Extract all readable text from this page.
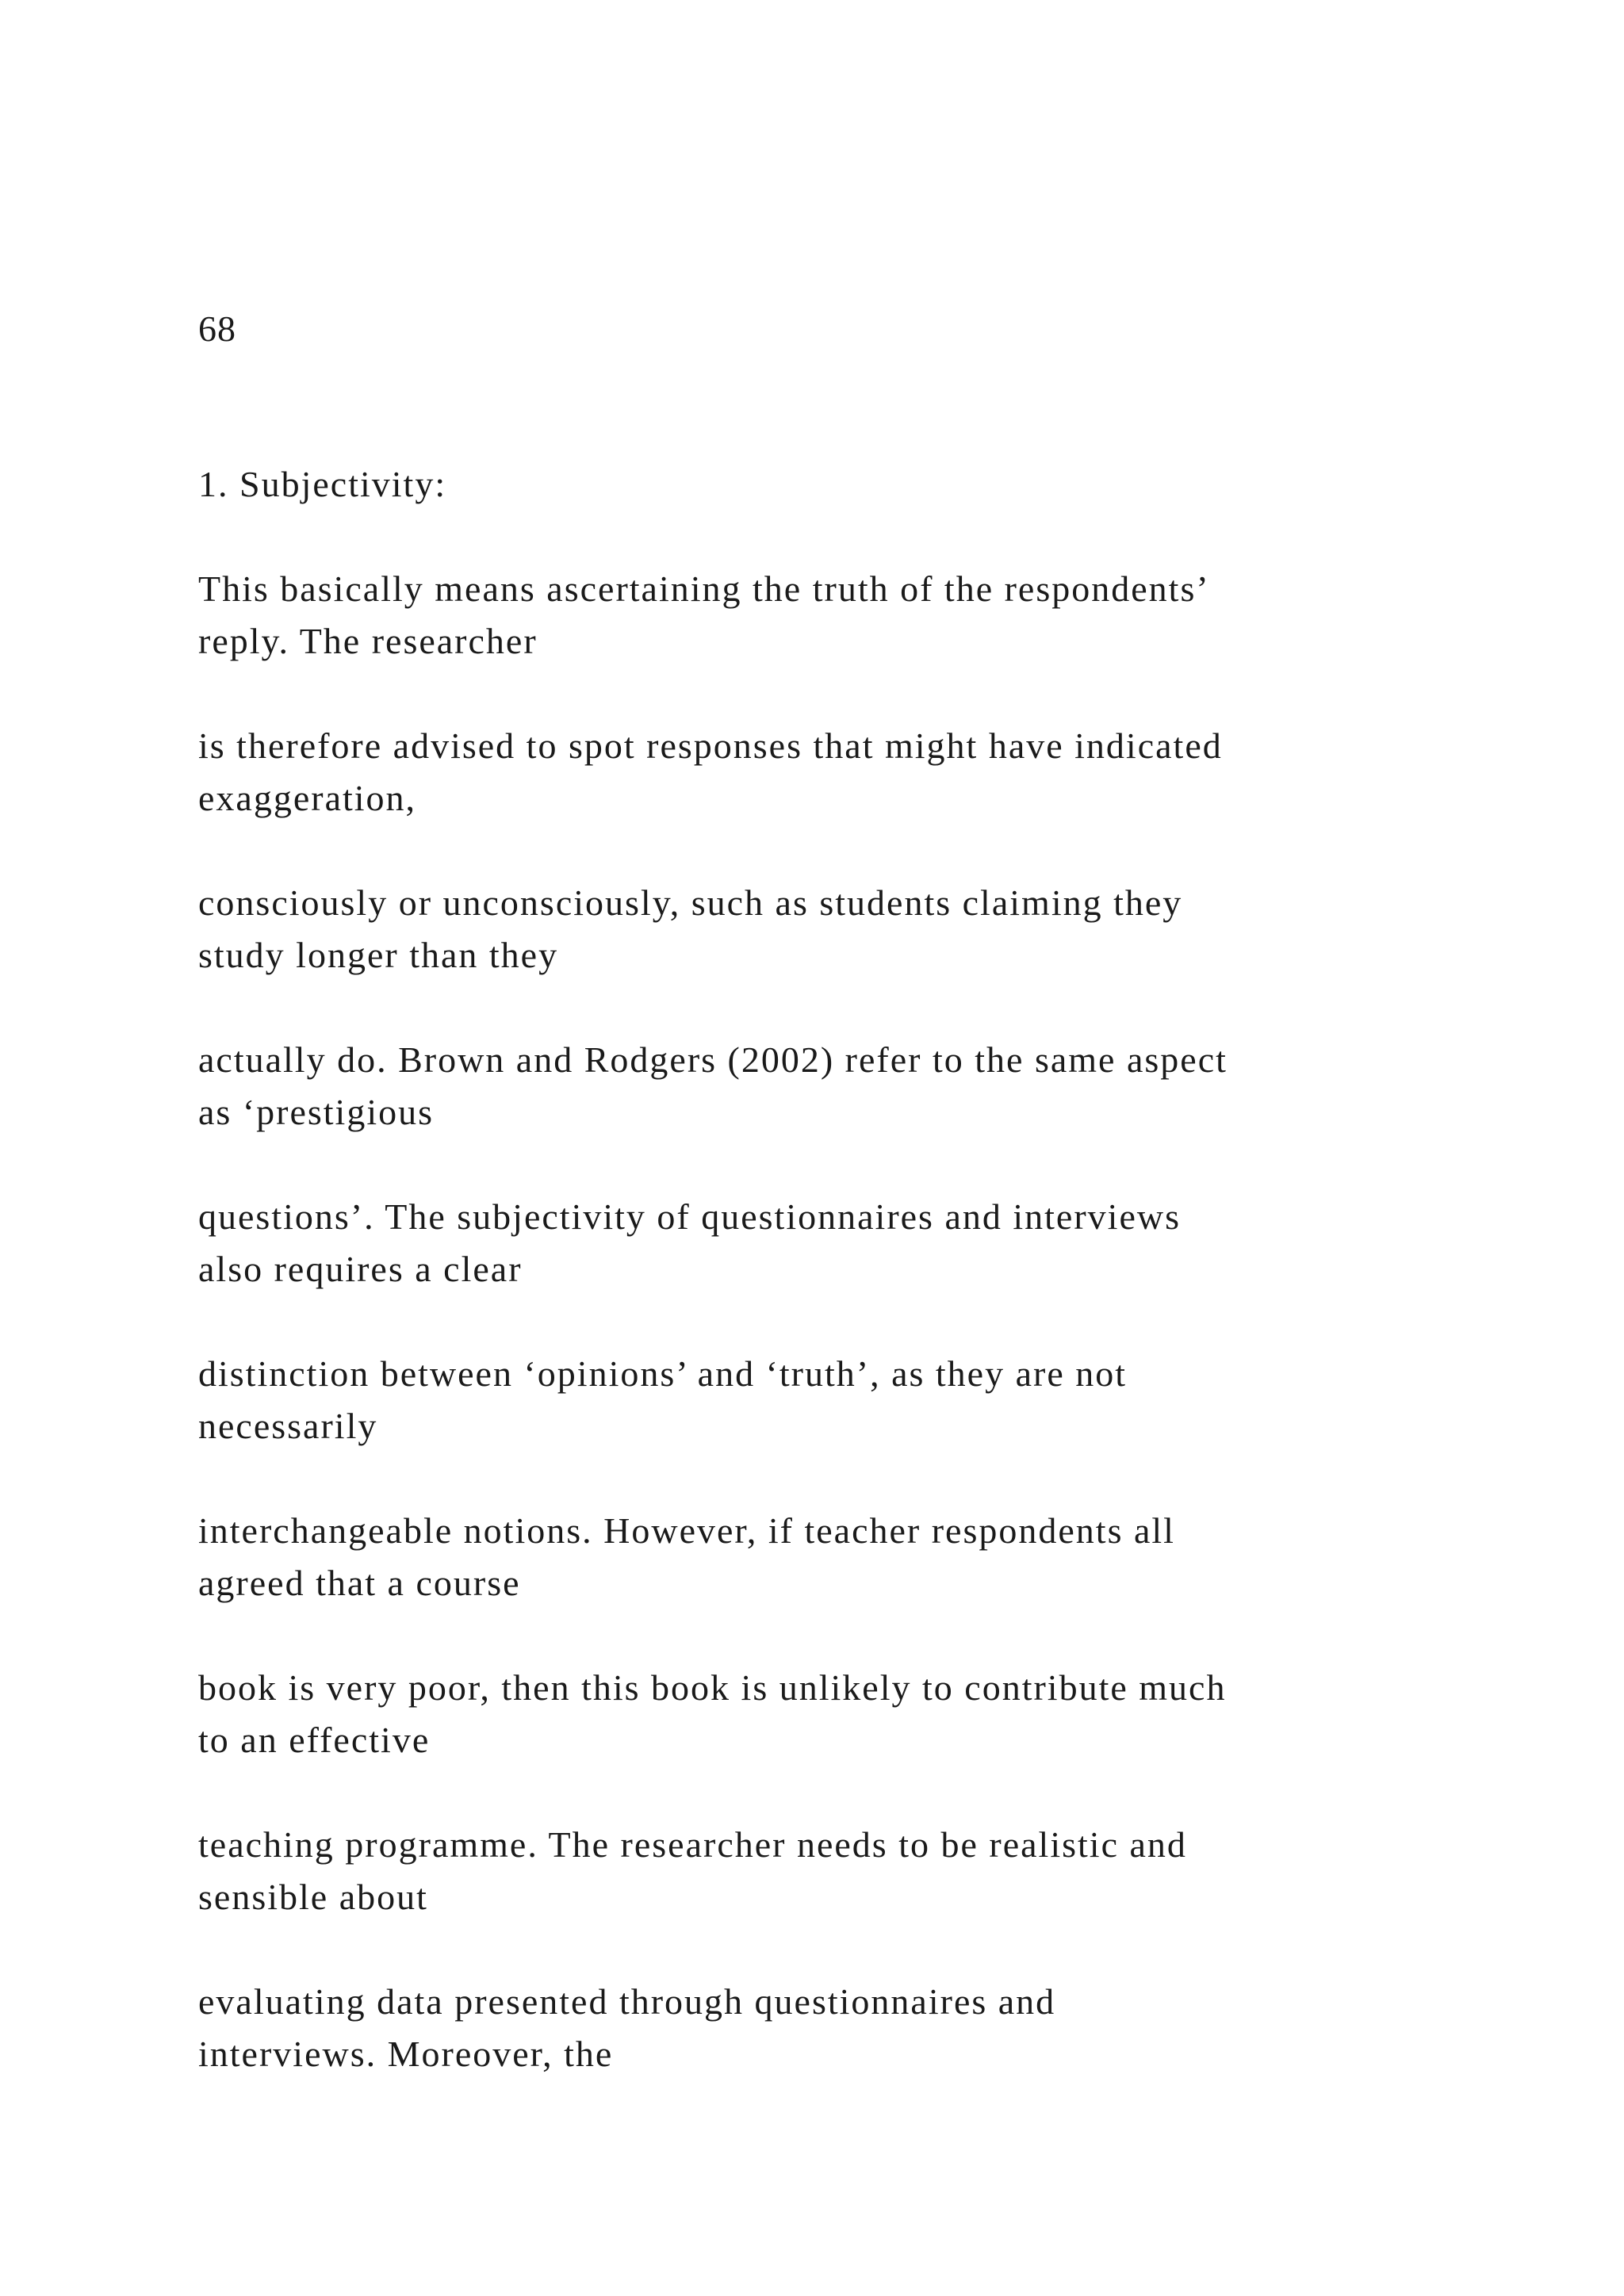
68
1. Subjectivity:
This basically means ascertaining the truth of the respondents’
reply. The researcher
is therefore advised to spot responses that might have indicated
exaggeration,
consciously or unconsciously, such as students claiming they
study longer than they
actually do. Brown and Rodgers (2002) refer to the same aspect
as ‘prestigious
questions’. The subjectivity of questionnaires and interviews
also requires a clear
distinction between ‘opinions’ and ‘truth’, as they are not
necessarily
interchangeable notions. However, if teacher respondents all
agreed that a course
book is very poor, then this book is unlikely to contribute much
to an effective
teaching programme. The researcher needs to be realistic and
sensible about
evaluating data presented through questionnaires and
interviews. Moreover, the
